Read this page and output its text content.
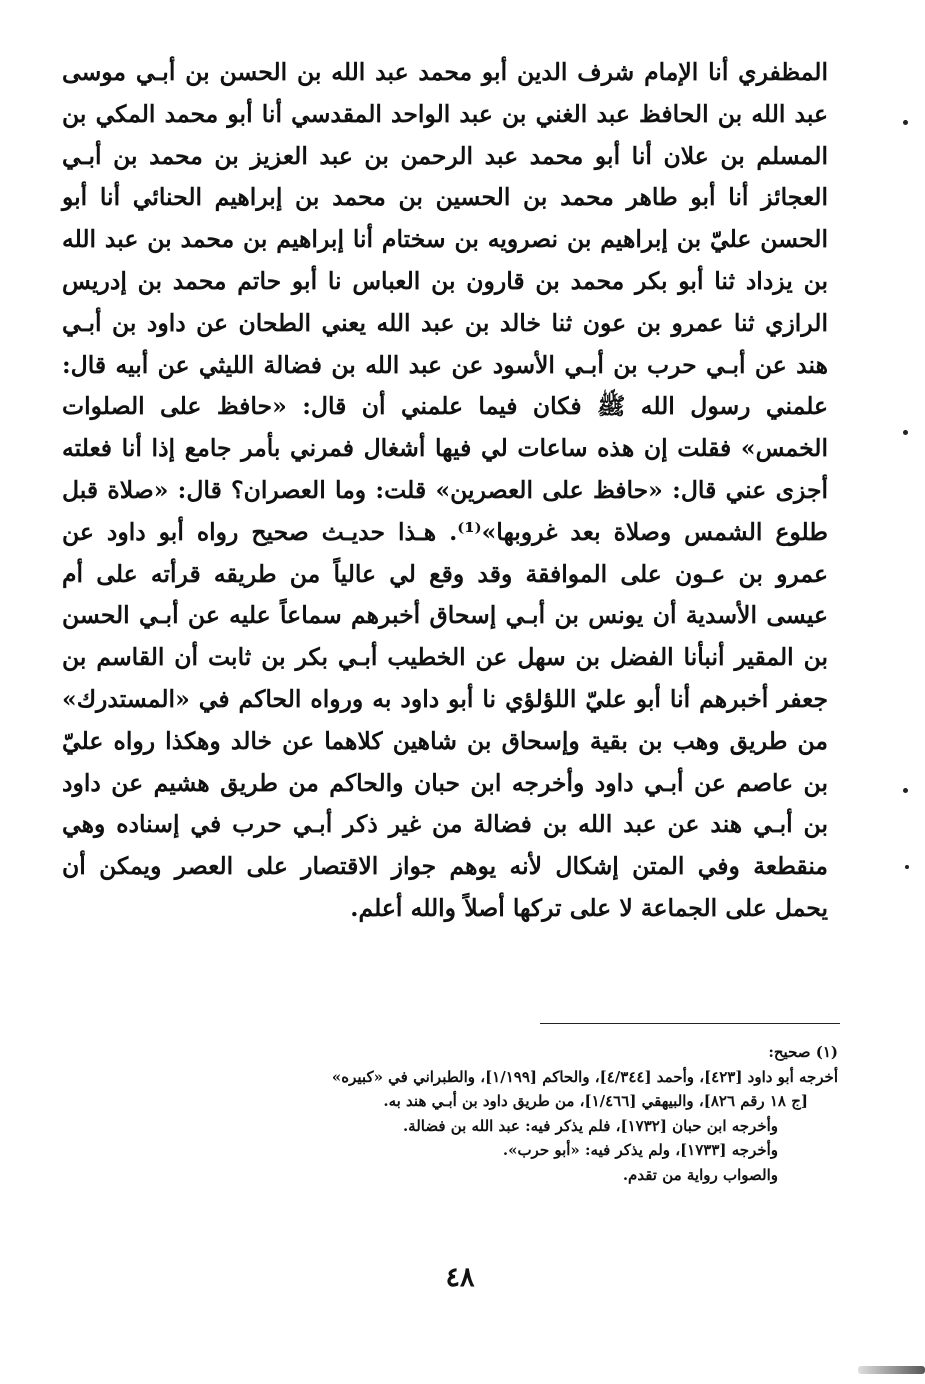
المظفري أنا الإمام شرف الدين أبو محمد عبد الله بن الحسن بن أبـي موسى عبد الله بن الحافظ عبد الغني بن عبد الواحد المقدسي أنا أبو محمد المكي بن المسلم بن علان أنا أبو محمد عبد الرحمن بن عبد العزيز بن محمد بن أبـي العجائز أنا أبو طاهر محمد بن الحسين بن محمد بن إبراهيم الحنائي أنا أبو الحسن عليّ بن إبراهيم بن نصرويه بن سختام أنا إبراهيم بن محمد بن عبد الله بن يزداد ثنا أبو بكر محمد بن قارون بن العباس نا أبو حاتم محمد بن إدريس الرازي ثنا عمرو بن عون ثنا خالد بن عبد الله يعني الطحان عن داود بن أبـي هند عن أبـي حرب بن أبـي الأسود عن عبد الله بن فضالة الليثي عن أبيه قال: علمني رسول الله ﷺ فكان فيما علمني أن قال: «حافظ على الصلوات الخمس» فقلت إن هذه ساعات لي فيها أشغال فمرني بأمر جامع إذا أنا فعلته أجزى عني قال: «حافظ على العصرين» قلت: وما العصران؟ قال: «صلاة قبل طلوع الشمس وصلاة بعد غروبها»⁽¹⁾. هـذا حديـث صحيح رواه أبو داود عن عمرو بن عـون على الموافقة وقد وقع لي عالياً من طريقه قرأته على أم عيسى الأسدية أن يونس بن أبـي إسحاق أخبرهم سماعاً عليه عن أبـي الحسن بن المقير أنبأنا الفضل بن سهل عن الخطيب أبـي بكر بن ثابت أن القاسم بن جعفر أخبرهم أنا أبو عليّ اللؤلؤي نا أبو داود به ورواه الحاكم في «المستدرك» من طريق وهب بن بقية وإسحاق بن شاهين كلاهما عن خالد وهكذا رواه عليّ بن عاصم عن أبـي داود وأخرجه ابن حبان والحاكم من طريق هشيم عن داود بن أبـي هند عن عبد الله بن فضالة من غير ذكر أبـي حرب في إسناده وهي منقطعة وفي المتن إشكال لأنه يوهم جواز الاقتصار على العصر ويمكن أن يحمل على الجماعة لا على تركها أصلاً والله أعلم.

(١) صحيح:
أخرجه أبو داود [٤٢٣]، وأحمد [٤/٣٤٤]، والحاكم [١/١٩٩]، والطبراني في «كبيره»
[ج ١٨ رقم ٨٢٦]، والبيهقي [١/٤٦٦]، من طريق داود بن أبـي هند به.
وأخرجه ابن حبان [١٧٣٢]، فلم يذكر فيه: عبد الله بن فضالة.
وأخرجه [١٧٣٣]، ولم يذكر فيه: «أبو حرب».
والصواب رواية من تقدم.
٤٨
